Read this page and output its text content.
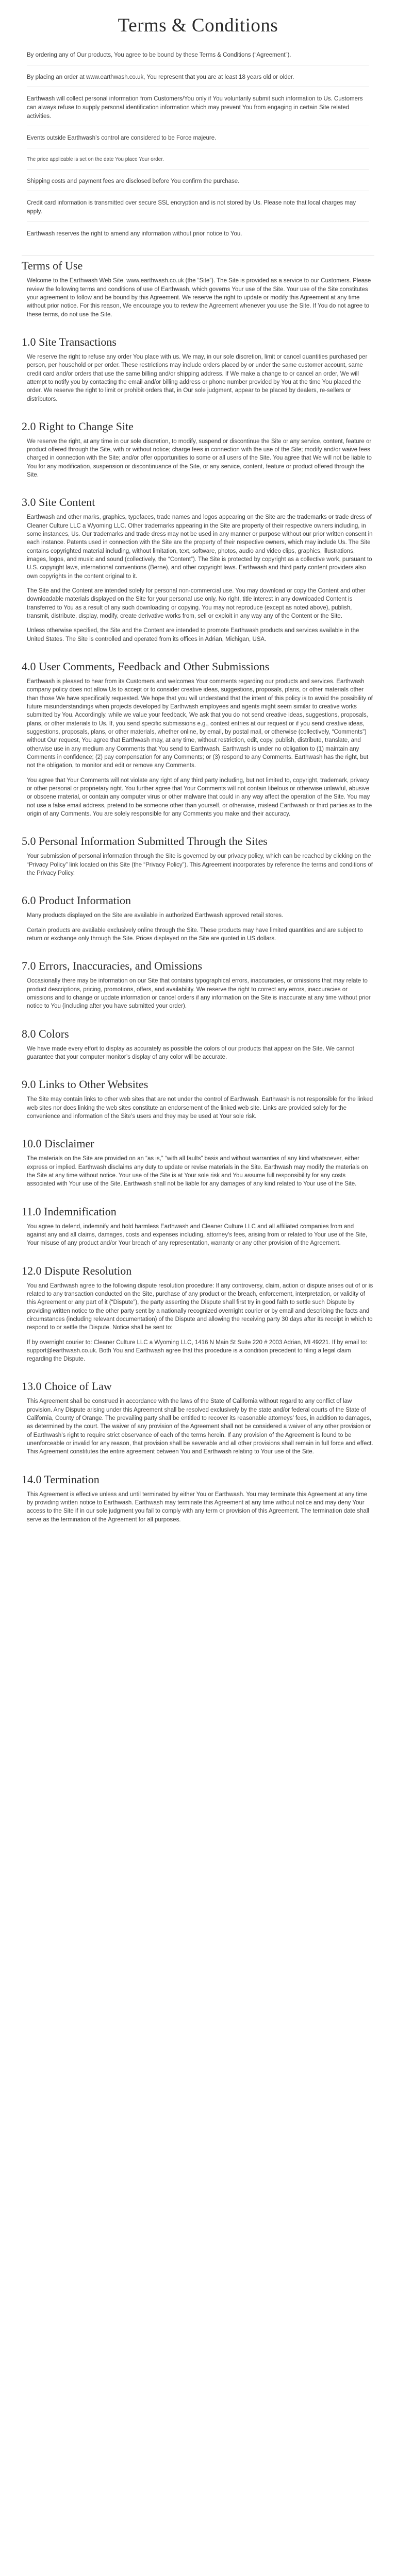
Terms & Conditions

By ordering any of Our products, You agree to be bound by these Terms & Conditions (“Agreement”).

By placing an order at www.earthwash.co.uk, You represent that you are at least 18 years old or older.

Earthwash will collect personal information from Customers/You only if You voluntarily submit such information to Us. Customers can always refuse to supply personal identification information which may prevent You from engaging in certain Site related activities.

Events outside Earthwash’s control are considered to be Force majeure.

The price applicable is set on the date You place Your order.

Shipping costs and payment fees are disclosed before You confirm the purchase.

Credit card information is transmitted over secure SSL encryption and is not stored by Us. Please note that local charges may apply.

Earthwash reserves the right to amend any information without prior notice to You.

Terms of Use

Welcome to the Earthwash Web Site, www.earthwash.co.uk (the “Site”). The Site is provided as a service to our Customers. Please review the following terms and conditions of use of Earthwash, which governs Your use of the Site. Your use of the Site constitutes your agreement to follow and be bound by this Agreement. We reserve the right to update or modify this Agreement at any time without prior notice. For this reason, We encourage you to review the Agreement whenever you use the Site. If You do not agree to these terms, do not use the Site.

1.0 Site Transactions

We reserve the right to refuse any order You place with us. We may, in our sole discretion, limit or cancel quantities purchased per person, per household or per order. These restrictions may include orders placed by or under the same customer account, same credit card and/or orders that use the same billing and/or shipping address. If We make a change to or cancel an order, We will attempt to notify you by contacting the email and/or billing address or phone number provided by You at the time You placed the order. We reserve the right to limit or prohibit orders that, in Our sole judgment, appear to be placed by dealers, re-sellers or distributors.

2.0 Right to Change Site

We reserve the right, at any time in our sole discretion, to modify, suspend or discontinue the Site or any service, content, feature or product offered through the Site, with or without notice; charge fees in connection with the use of the Site; modify and/or waive fees charged in connection with the Site; and/or offer opportunities to some or all users of the Site. You agree that We will not be liable to You for any modification, suspension or discontinuance of the Site, or any service, content, feature or product offered through the Site.

3.0 Site Content

Earthwash and other marks, graphics, typefaces, trade names and logos appearing on the Site are the trademarks or trade dress of Cleaner Culture LLC a Wyoming LLC. Other trademarks appearing in the Site are property of their respective owners including, in some instances, Us. Our trademarks and trade dress may not be used in any manner or purpose without our prior written consent in each instance. Patents used in connection with the Site are the property of their respective owners, which may include Us. The Site contains copyrighted material including, without limitation, text, software, photos, audio and video clips, graphics, illustrations, images, logos, and music and sound (collectively, the “Content”). The Site is protected by copyright as a collective work, pursuant to U.S. copyright laws, international conventions (Berne), and other copyright laws. Earthwash and third party content providers also own copyrights in the content original to it.

The Site and the Content are intended solely for personal non-commercial use. You may download or copy the Content and other downloadable materials displayed on the Site for your personal use only. No right, title interest in any downloaded Content is transferred to You as a result of any such downloading or copying. You may not reproduce (except as noted above), publish, transmit, distribute, display, modify, create derivative works from, sell or exploit in any way any of the Content or the Site.

Unless otherwise specified, the Site and the Content are intended to promote Earthwash products and services available in the United States. The Site is controlled and operated from its offices in Adrian, Michigan, USA.

4.0 User Comments, Feedback and Other Submissions

Earthwash is pleased to hear from its Customers and welcomes Your comments regarding our products and services. Earthwash company policy does not allow Us to accept or to consider creative ideas, suggestions, proposals, plans, or other materials other than those We have specifically requested. We hope that you will understand that the intent of this policy is to avoid the possibility of future misunderstandings when projects developed by Earthwash employees and agents might seem similar to creative works submitted by You. Accordingly, while we value your feedback, We ask that you do not send creative ideas, suggestions, proposals, plans, or other materials to Us. If, you send specific submissions e.g., contest entries at our request or if you send creative ideas, suggestions, proposals, plans, or other materials, whether online, by email, by postal mail, or otherwise (collectively, “Comments”) without Our request, You agree that Earthwash may, at any time, without restriction, edit, copy, publish, distribute, translate, and otherwise use in any medium any Comments that You send to Earthwash. Earthwash is under no obligation to (1) maintain any Comments in confidence; (2) pay compensation for any Comments; or (3) respond to any Comments. Earthwash has the right, but not the obligation, to monitor and edit or remove any Comments.

You agree that Your Comments will not violate any right of any third party including, but not limited to, copyright, trademark, privacy or other personal or proprietary right. You further agree that Your Comments will not contain libelous or otherwise unlawful, abusive or obscene material, or contain any computer virus or other malware that could in any way affect the operation of the Site. You may not use a false email address, pretend to be someone other than yourself, or otherwise, mislead Earthwash or third parties as to the origin of any Comments. You are solely responsible for any Comments you make and their accuracy.

5.0 Personal Information Submitted Through the Sites

Your submission of personal information through the Site is governed by our privacy policy, which can be reached by clicking on the “Privacy Policy” link located on this Site (the “Privacy Policy”). This Agreement incorporates by reference the terms and conditions of the Privacy Policy.

6.0 Product Information

Many products displayed on the Site are available in authorized Earthwash approved retail stores.

Certain products are available exclusively online through the Site. These products may have limited quantities and are subject to return or exchange only through the Site. Prices displayed on the Site are quoted in US dollars.

7.0 Errors, Inaccuracies, and Omissions

Occasionally there may be information on our Site that contains typographical errors, inaccuracies, or omissions that may relate to product descriptions, pricing, promotions, offers, and availability. We reserve the right to correct any errors, inaccuracies or omissions and to change or update information or cancel orders if any information on the Site is inaccurate at any time without prior notice to You (including after you have submitted your order).

8.0 Colors

We have made every effort to display as accurately as possible the colors of our products that appear on the Site. We cannot guarantee that your computer monitor’s display of any color will be accurate.

9.0 Links to Other Websites

The Site may contain links to other web sites that are not under the control of Earthwash. Earthwash is not responsible for the linked web sites nor does linking the web sites constitute an endorsement of the linked web site. Links are provided solely for the convenience and information of the Site’s users and they may be used at Your sole risk.

10.0 Disclaimer

The materials on the Site are provided on an “as is,” “with all faults” basis and without warranties of any kind whatsoever, either express or implied. Earthwash disclaims any duty to update or revise materials in the Site. Earthwash may modify the materials on the Site at any time without notice. Your use of the Site is at Your sole risk and You assume full responsibility for any costs associated with Your use of the Site. Earthwash shall not be liable for any damages of any kind related to Your use of the Site.

11.0 Indemnification

You agree to defend, indemnify and hold harmless Earthwash and Cleaner Culture LLC and all affiliated companies from and against any and all claims, damages, costs and expenses including, attorney’s fees, arising from or related to Your use of the Site, Your misuse of any product and/or Your breach of any representation, warranty or any other provision of the Agreement.

12.0 Dispute Resolution

You and Earthwash agree to the following dispute resolution procedure: If any controversy, claim, action or dispute arises out of or is related to any transaction conducted on the Site, purchase of any product or the breach, enforcement, interpretation, or validity of this Agreement or any part of it (“Dispute”), the party asserting the Dispute shall first try in good faith to settle such Dispute by providing written notice to the other party sent by a nationally recognized overnight courier or by email and describing the facts and circumstances (including relevant documentation) of the Dispute and allowing the receiving party 30 days after its receipt in which to respond to or settle the Dispute. Notice shall be sent to:

If by overnight courier to: Cleaner Culture LLC a Wyoming LLC, 1416 N Main St Suite 220 # 2003 Adrian, MI 49221. If by email to: support@earthwash.co.uk. Both You and Earthwash agree that this procedure is a condition precedent to filing a legal claim regarding the Dispute.

13.0 Choice of Law

This Agreement shall be construed in accordance with the laws of the State of California without regard to any conflict of law provision. Any Dispute arising under this Agreement shall be resolved exclusively by the state and/or federal courts of the State of California, County of Orange. The prevailing party shall be entitled to recover its reasonable attorneys’ fees, in addition to damages, as determined by the court. The waiver of any provision of the Agreement shall not be considered a waiver of any other provision or of Earthwash’s right to require strict observance of each of the terms herein. If any provision of the Agreement is found to be unenforceable or invalid for any reason, that provision shall be severable and all other provisions shall remain in full force and effect. This Agreement constitutes the entire agreement between You and Earthwash relating to Your use of the Site.

14.0 Termination

This Agreement is effective unless and until terminated by either You or Earthwash. You may terminate this Agreement at any time by providing written notice to Earthwash. Earthwash may terminate this Agreement at any time without notice and may deny Your access to the Site if in our sole judgment you fail to comply with any term or provision of this Agreement. The termination date shall serve as the termination of the Agreement for all purposes.
